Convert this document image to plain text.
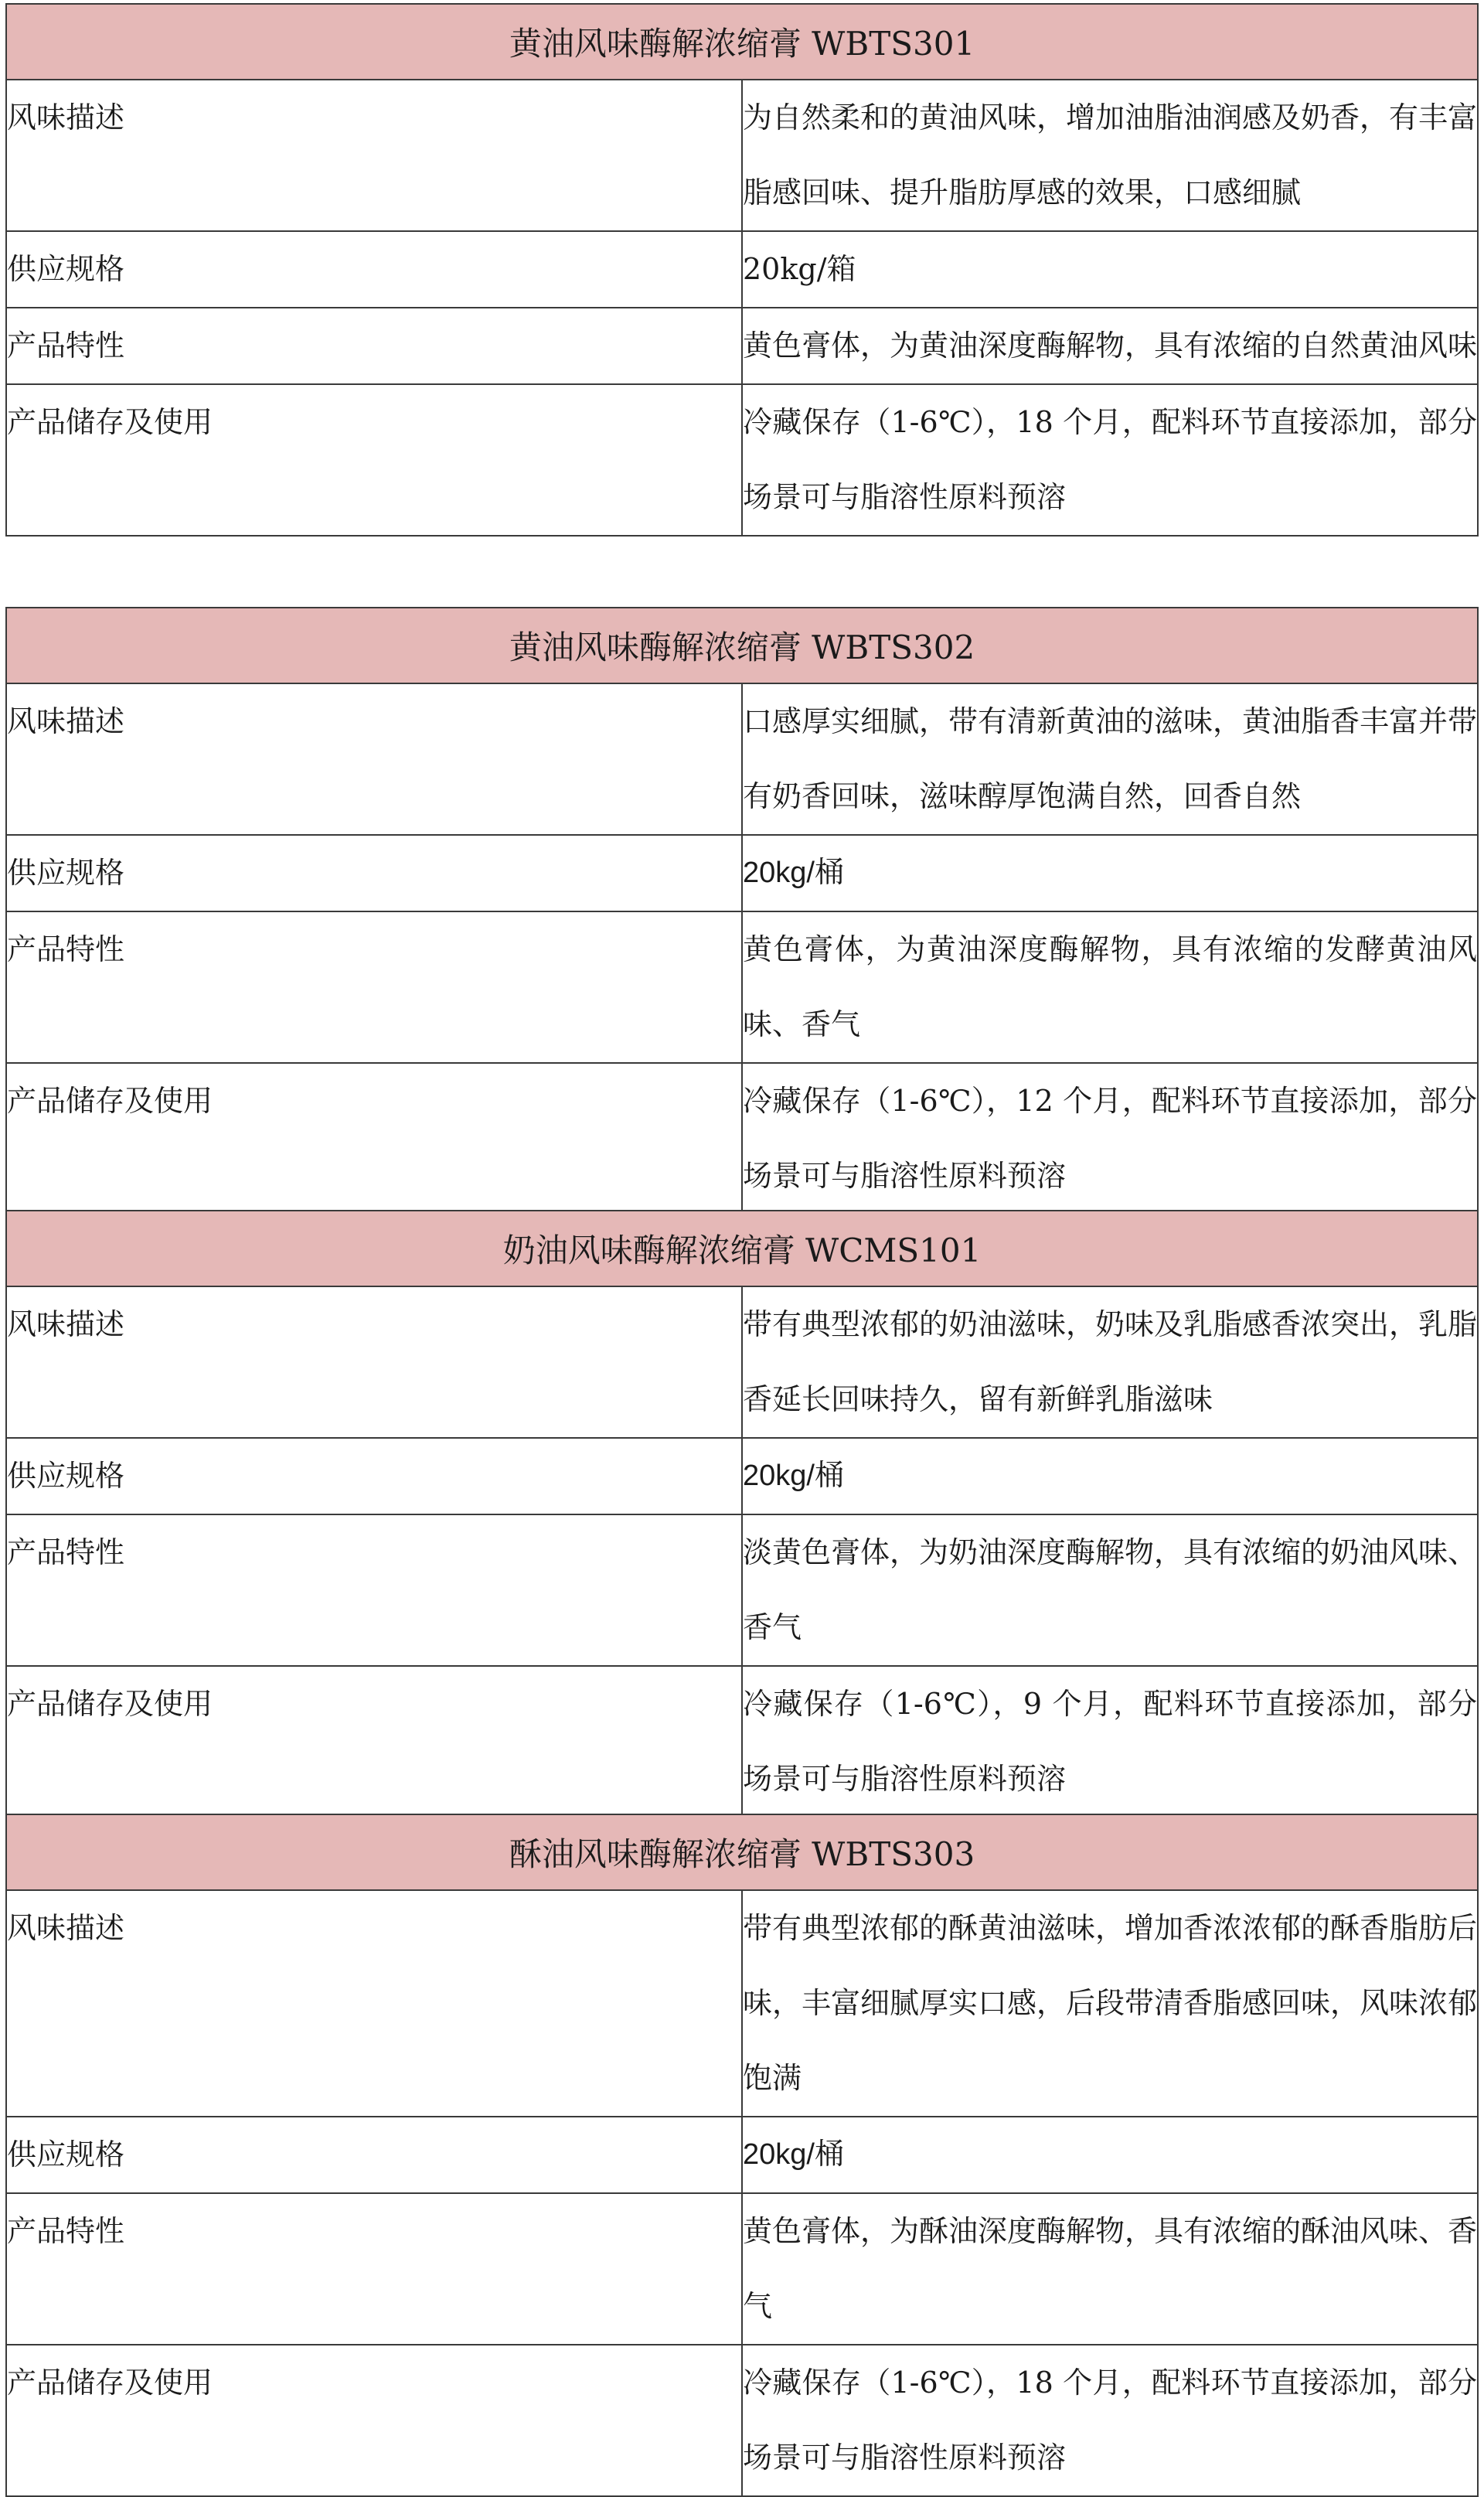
黄油风味酶解浓缩膏 WBTS301	
风味描述	为自然柔和的黄油风味，增加油脂油润感及奶香，有丰富脂感回味、提升脂肪厚感的效果，口感细腻
供应规格	20kg/箱
产品特性	黄色膏体，为黄油深度酶解物，具有浓缩的自然黄油风味
产品储存及使用	冷藏保存（1-6℃），18 个月，配料环节直接添加，部分场景可与脂溶性原料预溶
黄油风味酶解浓缩膏 WBTS302	
风味描述	口感厚实细腻，带有清新黄油的滋味，黄油脂香丰富并带有奶香回味，滋味醇厚饱满自然，回香自然
供应规格	20kg/桶
产品特性	黄色膏体，为黄油深度酶解物，具有浓缩的发酵黄油风味、香气
产品储存及使用	冷藏保存（1-6℃），12 个月，配料环节直接添加，部分场景可与脂溶性原料预溶
奶油风味酶解浓缩膏 WCMS101	
风味描述	带有典型浓郁的奶油滋味，奶味及乳脂感香浓突出，乳脂香延长回味持久，留有新鲜乳脂滋味
供应规格	20kg/桶
产品特性	淡黄色膏体，为奶油深度酶解物，具有浓缩的奶油风味、香气
产品储存及使用	冷藏保存（1-6℃），9 个月，配料环节直接添加，部分场景可与脂溶性原料预溶
酥油风味酶解浓缩膏 WBTS303	
风味描述	带有典型浓郁的酥黄油滋味，增加香浓浓郁的酥香脂肪后味，丰富细腻厚实口感，后段带清香脂感回味，风味浓郁饱满
供应规格	20kg/桶
产品特性	黄色膏体，为酥油深度酶解物，具有浓缩的酥油风味、香气
产品储存及使用	冷藏保存（1-6℃），18 个月，配料环节直接添加，部分场景可与脂溶性原料预溶
